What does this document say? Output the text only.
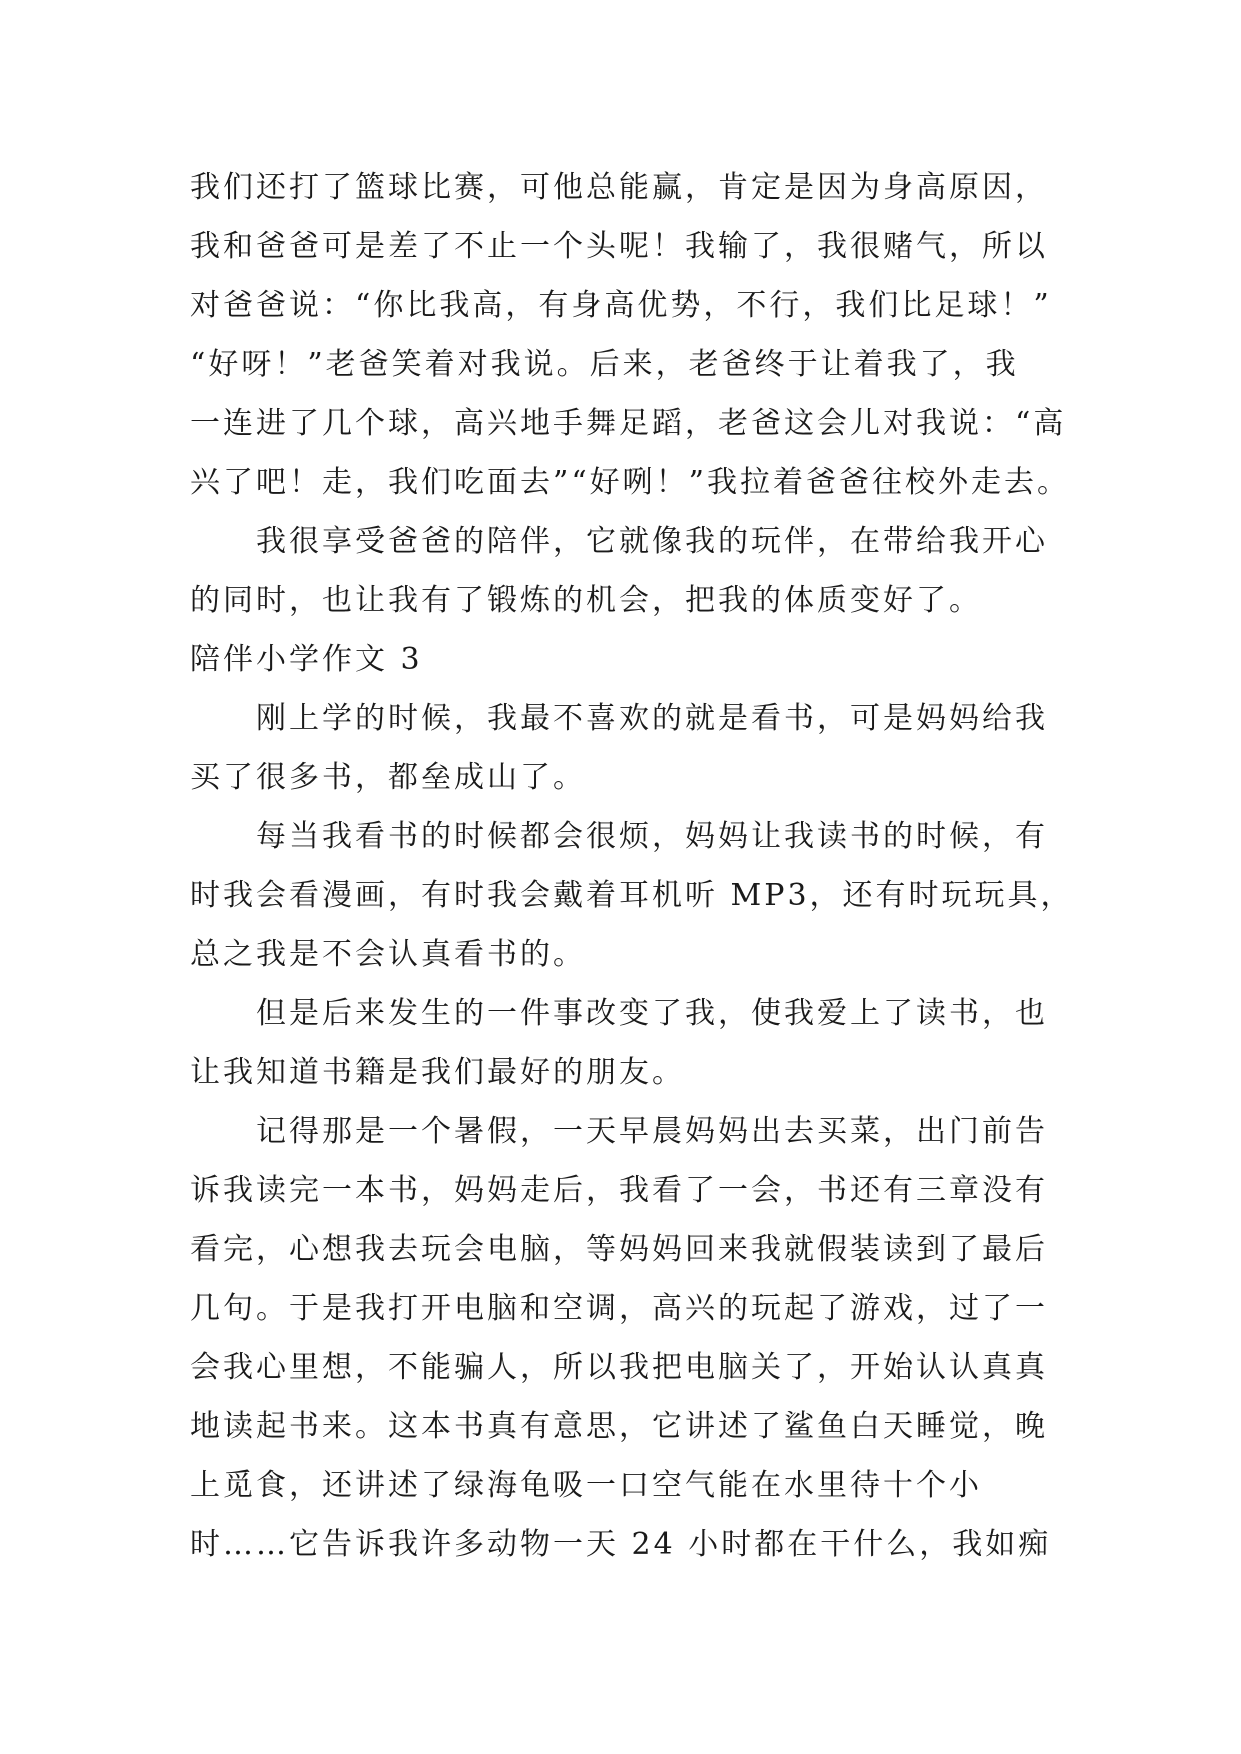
我们还打了篮球比赛，可他总能赢，肯定是因为身高原因，
我和爸爸可是差了不止一个头呢！我输了，我很赌气，所以
对爸爸说：“你比我高，有身高优势，不行，我们比足球！”
“好呀！”老爸笑着对我说。后来，老爸终于让着我了，我
一连进了几个球，高兴地手舞足蹈，老爸这会儿对我说：“高
兴了吧！走，我们吃面去”“好咧！”我拉着爸爸往校外走去。
我很享受爸爸的陪伴，它就像我的玩伴，在带给我开心
的同时，也让我有了锻炼的机会，把我的体质变好了。
陪伴小学作文 3
刚上学的时候，我最不喜欢的就是看书，可是妈妈给我
买了很多书，都垒成山了。
每当我看书的时候都会很烦，妈妈让我读书的时候，有
时我会看漫画，有时我会戴着耳机听 MP3，还有时玩玩具，
总之我是不会认真看书的。
但是后来发生的一件事改变了我，使我爱上了读书，也
让我知道书籍是我们最好的朋友。
记得那是一个暑假，一天早晨妈妈出去买菜，出门前告
诉我读完一本书，妈妈走后，我看了一会，书还有三章没有
看完，心想我去玩会电脑，等妈妈回来我就假装读到了最后
几句。于是我打开电脑和空调，高兴的玩起了游戏，过了一
会我心里想，不能骗人，所以我把电脑关了，开始认认真真
地读起书来。这本书真有意思，它讲述了鲨鱼白天睡觉，晚
上觅食，还讲述了绿海龟吸一口空气能在水里待十个小
时……它告诉我许多动物一天 24 小时都在干什么，我如痴
